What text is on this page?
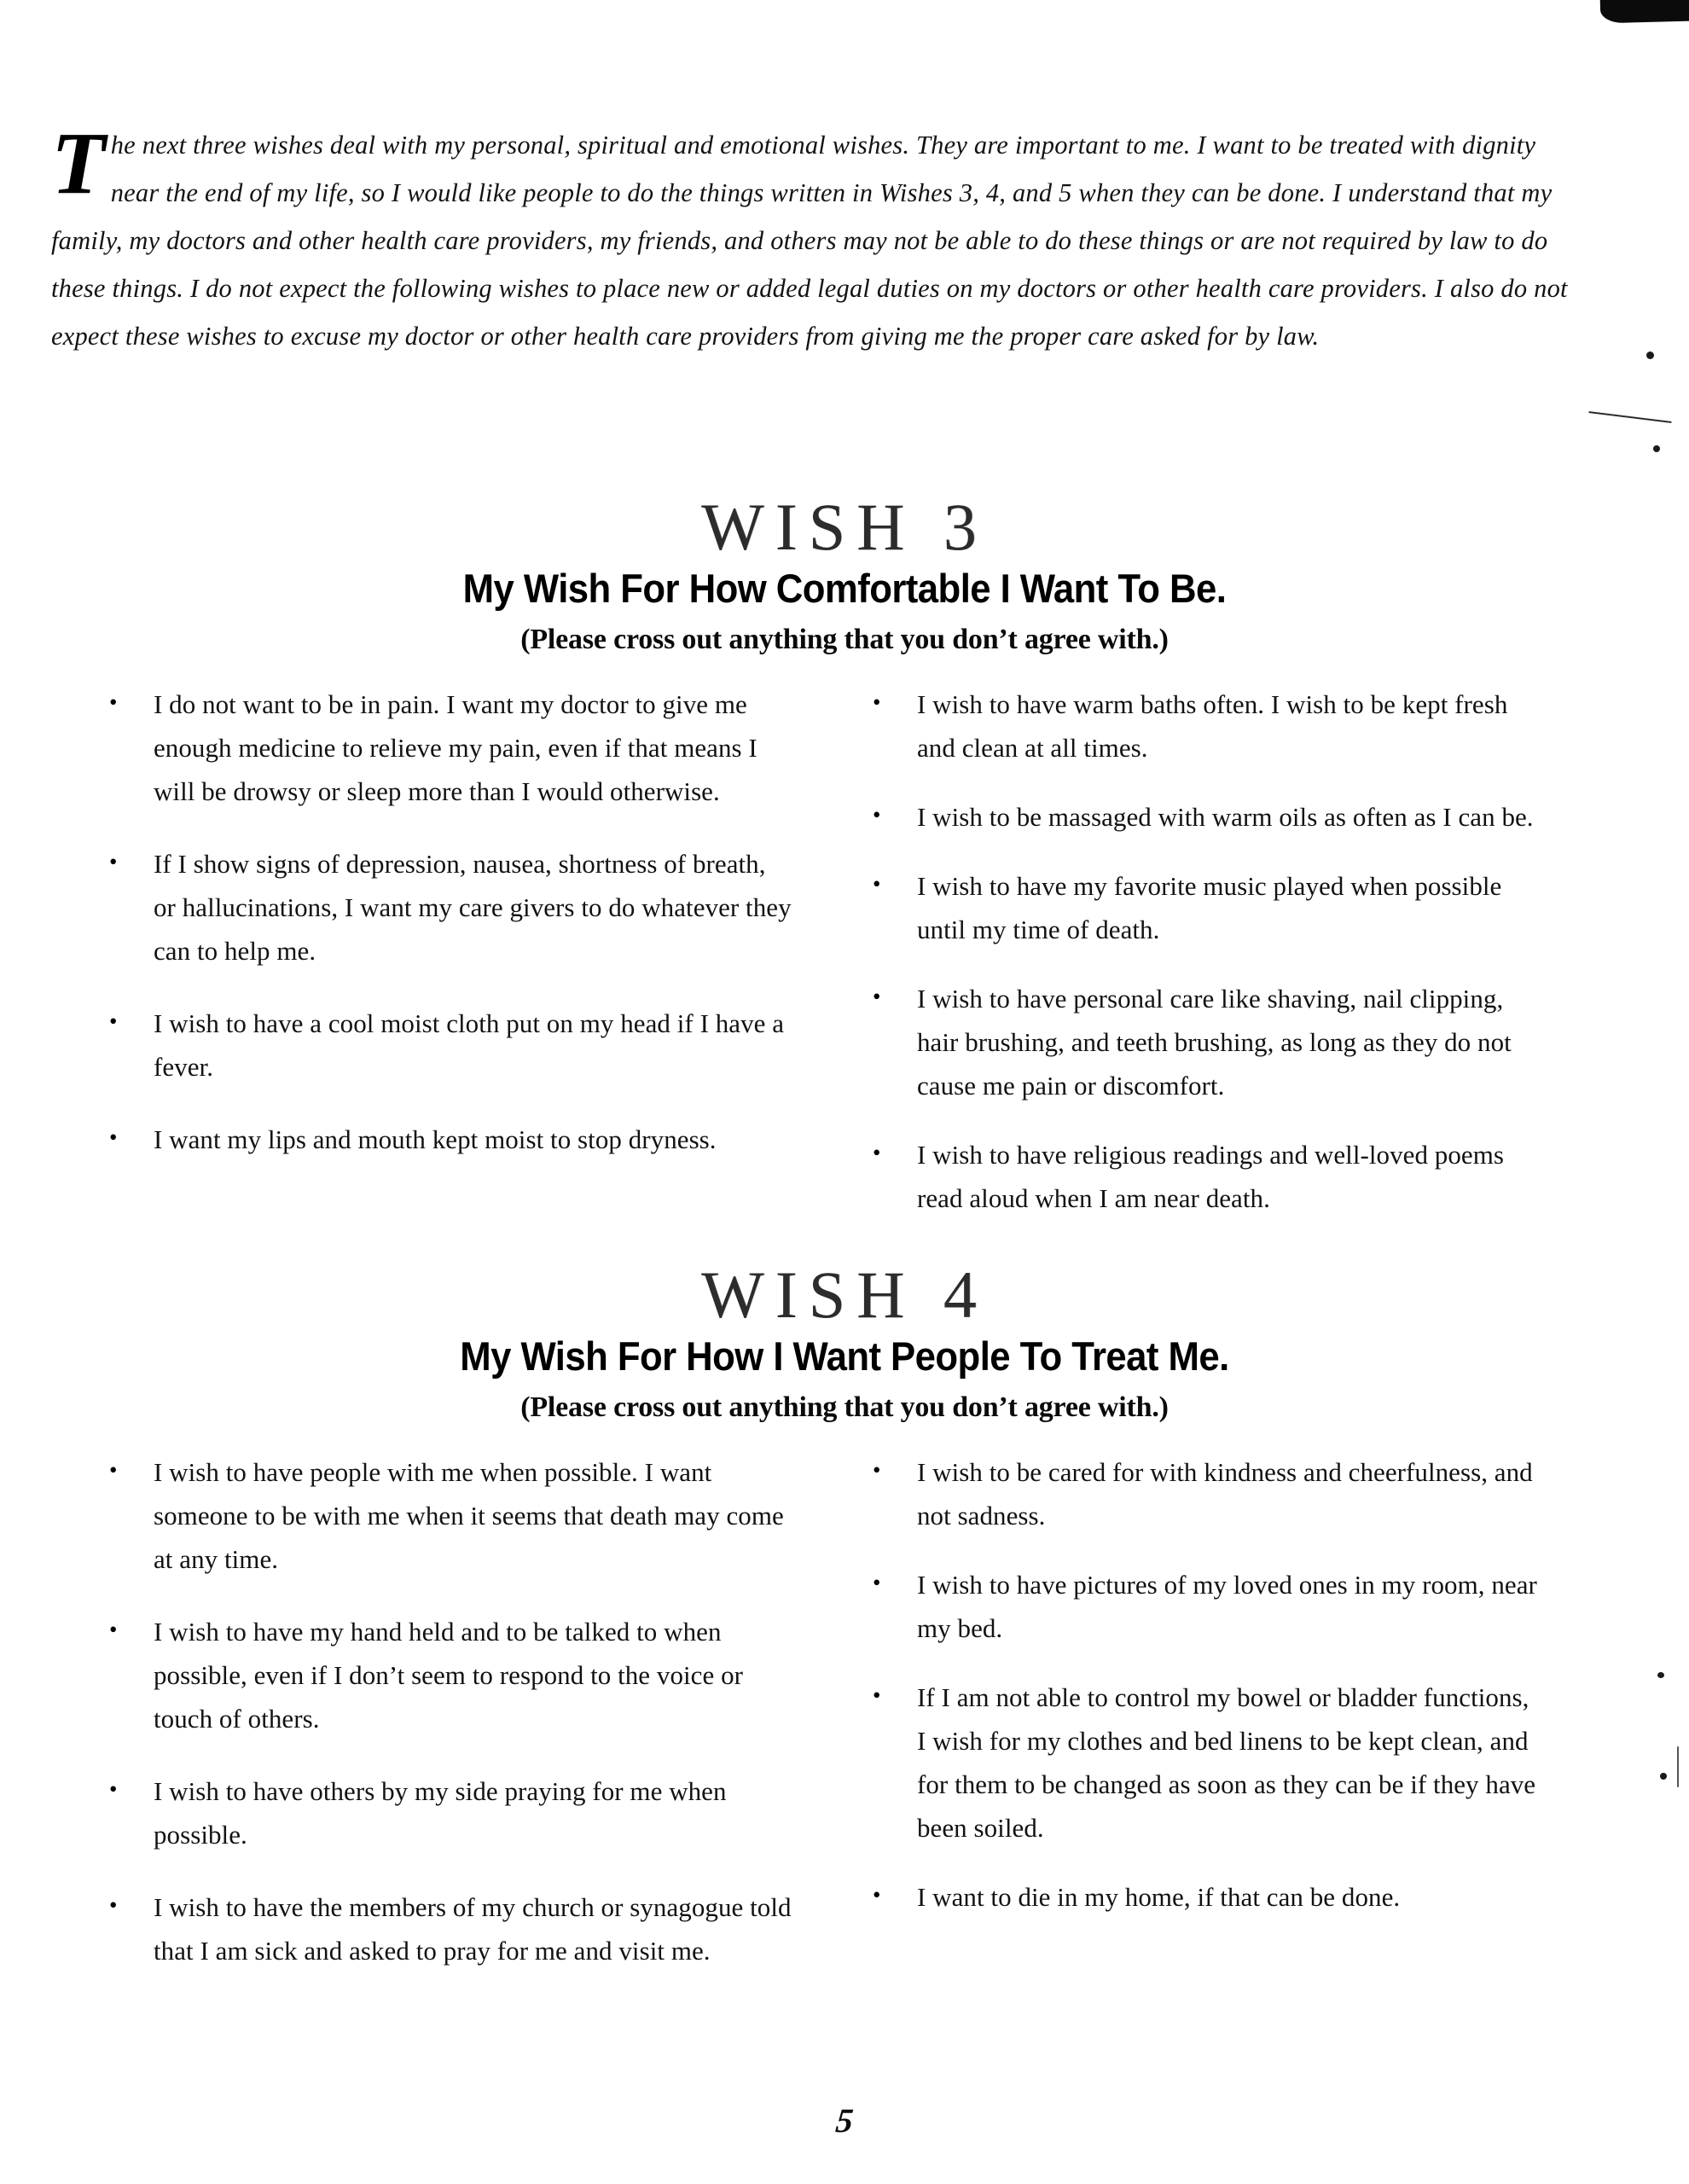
The next three wishes deal with my personal, spiritual and emotional wishes. They are important to me. I want to be treated with dignity near the end of my life, so I would like people to do the things written in Wishes 3, 4, and 5 when they can be done. I understand that my family, my doctors and other health care providers, my friends, and others may not be able to do these things or are not required by law to do these things. I do not expect the following wishes to place new or added legal duties on my doctors or other health care providers. I also do not expect these wishes to excuse my doctor or other health care providers from giving me the proper care asked for by law.
WISH 3
My Wish For How Comfortable I Want To Be.
(Please cross out anything that you don’t agree with.)
• I do not want to be in pain. I want my doctor to give me enough medicine to relieve my pain, even if that means I will be drowsy or sleep more than I would otherwise.
• If I show signs of depression, nausea, shortness of breath, or hallucinations, I want my care givers to do whatever they can to help me.
• I wish to have a cool moist cloth put on my head if I have a fever.
• I want my lips and mouth kept moist to stop dryness.
• I wish to have warm baths often. I wish to be kept fresh and clean at all times.
• I wish to be massaged with warm oils as often as I can be.
• I wish to have my favorite music played when possible until my time of death.
• I wish to have personal care like shaving, nail clipping, hair brushing, and teeth brushing, as long as they do not cause me pain or discomfort.
• I wish to have religious readings and well-loved poems read aloud when I am near death.
WISH 4
My Wish For How I Want People To Treat Me.
(Please cross out anything that you don’t agree with.)
• I wish to have people with me when possible. I want someone to be with me when it seems that death may come at any time.
• I wish to have my hand held and to be talked to when possible, even if I don’t seem to respond to the voice or touch of others.
• I wish to have others by my side praying for me when possible.
• I wish to have the members of my church or synagogue told that I am sick and asked to pray for me and visit me.
• I wish to be cared for with kindness and cheerfulness, and not sadness.
• I wish to have pictures of my loved ones in my room, near my bed.
• If I am not able to control my bowel or bladder functions, I wish for my clothes and bed linens to be kept clean, and for them to be changed as soon as they can be if they have been soiled.
• I want to die in my home, if that can be done.
5
